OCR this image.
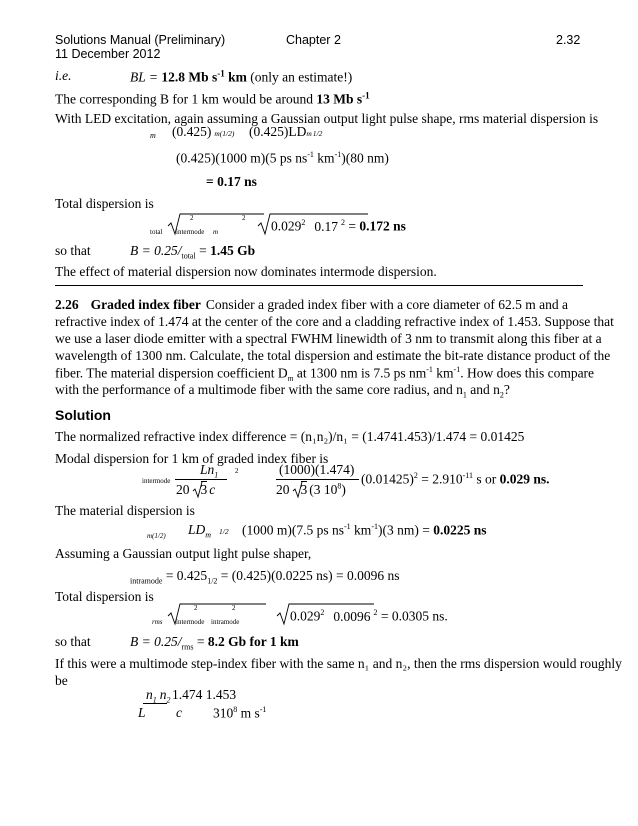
Solutions Manual (Preliminary)	Chapter 2	2.32
11 December 2012
i.e.	BL = 12.8 Mb $s^{-1}$ km (only an estimate!)
The corresponding B for 1 km would be around 13 Mb $s^{-1}$
With LED excitation, again assuming a Gaussian output light pulse shape, rms material dispersion is
m (0.425) m(1/2) (0.425)LDm1/2
(0.425)(1000 m)(5 ps $ns^{-1}$ $km^{-1})(80$ nm)
= 0.17 ns
Total dispersion is
total
2
intermode m
2
0.029$^2$ 0.17 $^2$ = 0.172 ns
so that	$B = 0.25/_{total} = 1.45$ Gb
The effect of material dispersion now dominates intermode dispersion.
2.26 Graded index fiber Consider a graded index fiber with a core diameter of 62.5 m and a
refractive index of 1.474 at the center of the core and a cladding refractive index of 1.453. Suppose that
we use a laser diode emitter with a spectral FWHM linewidth of 3 nm to transmit along this fiber at a
wavelength of 1300 nm. Calculate, the total dispersion and estimate the bit-rate distance product of the
fiber. The material dispersion coefficient $D_m$ at 1300 nm is 7.5 ps $nm^{-1}$ $km^{-1}$. How does this compare
with the performance of a multimode fiber with the same core radius, and $n_1$ and $n_2$?
Solution
The normalized refractive index difference = (n₁n₂)/n₁ = (1.4741.453)/1.474 = 0.01425
Modal dispersion for 1 km of graded index fiber is
intermode
$Ln_1$ 2
20 3 c
(1000)(1.474)
20 3 (3 $10^8$)
$(0.01425)^2 = 2.910^{-11}$ s or 0.029 ns.
The material dispersion is
m(1/2) $LD_m$ 1/2 (1000 m)(7.5 ps $ns^{-1}$ $km^{-1})(3$ nm) = 0.0225 ns
Assuming a Gaussian output light pulse shaper,
$_{intramode} = 0.425_{1/2} = (0.425)(0.0225$ ns) = 0.0096 ns
Total dispersion is
rms
2
intermode intramode
2
0.029$^2$ 0.0096 $^2$ = 0.0305 ns.
so that	$B = 0.25/_{rms} = 8.2$ Gb for 1 km
If this were a multimode step-index fiber with the same n₁ and n₂, then the rms dispersion would roughly
be
$n_1$ $n_2$ 1.474 1.453
L c $310^8$ m $s^{-1}$
